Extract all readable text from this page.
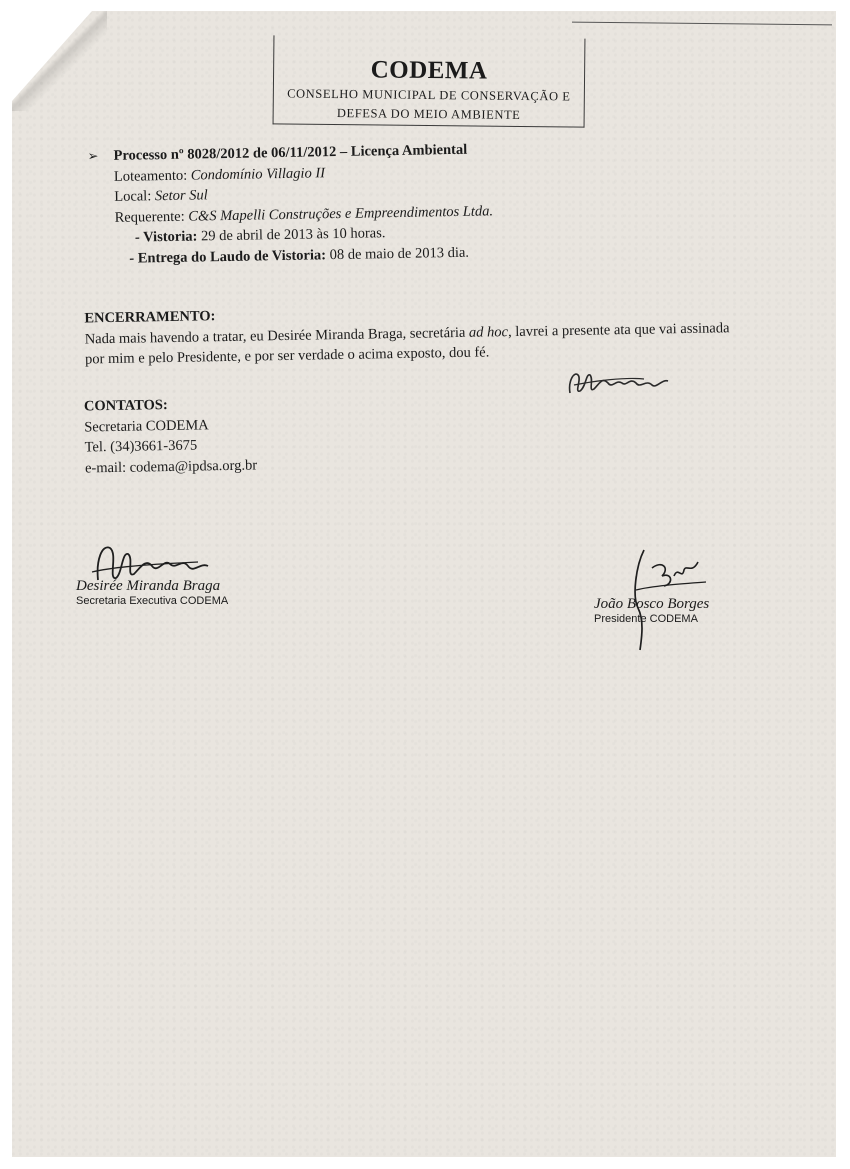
CODEMA
CONSELHO MUNICIPAL DE CONSERVAÇÃO E
DEFESA DO MEIO AMBIENTE
➢ Processo nº 8028/2012 de 06/11/2012 – Licença Ambiental
Loteamento: Condomínio Villagio II
Local: Setor Sul
Requerente: C&S Mapelli Construções e Empreendimentos Ltda.
- Vistoria: 29 de abril de 2013 às 10 horas.
- Entrega do Laudo de Vistoria: 08 de maio de 2013 dia.
ENCERRAMENTO:
Nada mais havendo a tratar, eu Desirée Miranda Braga, secretária ad hoc, lavrei a presente ata que vai assinada por mim e pelo Presidente, e por ser verdade o acima exposto, dou fé.
CONTATOS:
Secretaria CODEMA
Tel. (34)3661-3675
e-mail: codema@ipdsa.org.br
Desirée Miranda Braga
Secretaria Executiva CODEMA	João Bosco Borges
Presidente CODEMA
